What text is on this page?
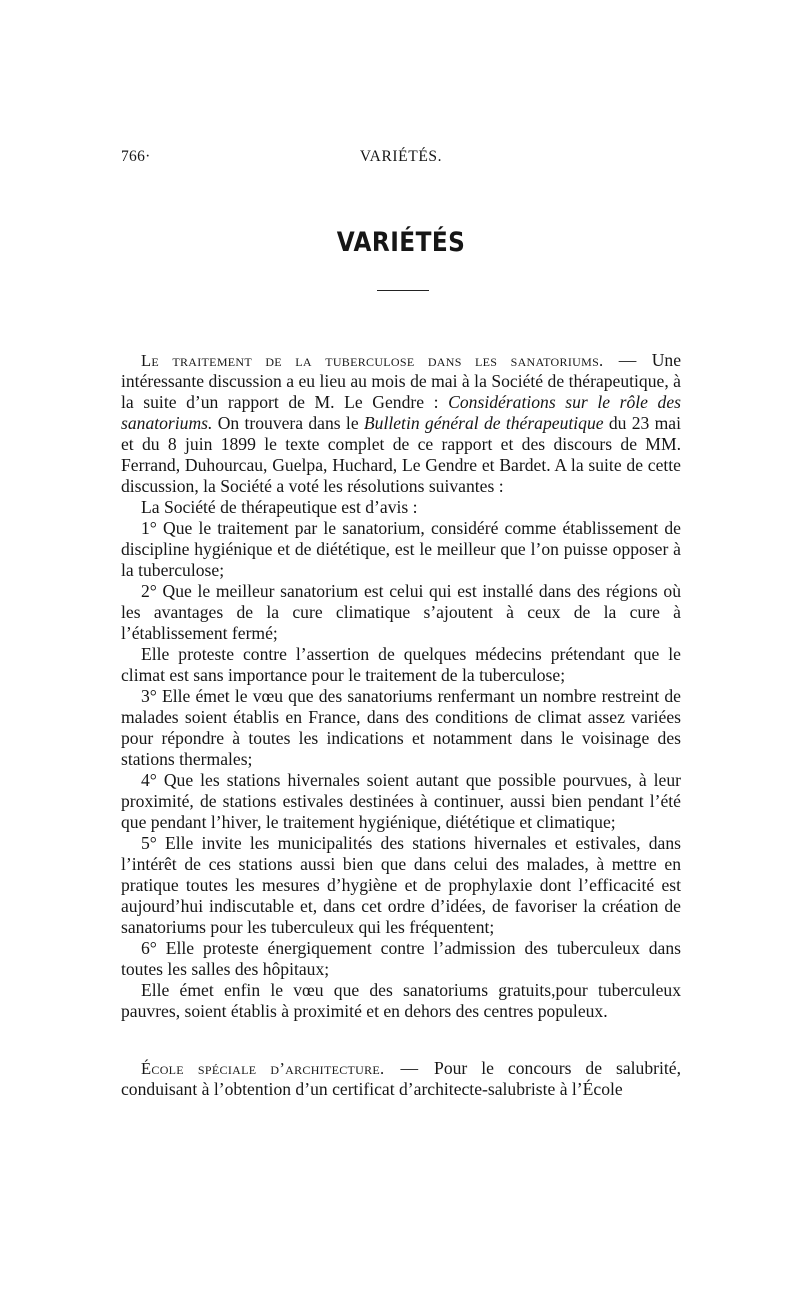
766·	VARIÉTÉS.
VARIÉTÉS

Le traitement de la tuberculose dans les sanatoriums. — Une intéressante discussion a eu lieu au mois de mai à la Société de thérapeutique, à la suite d’un rapport de M. Le Gendre : Considérations sur le rôle des sanatoriums. On trouvera dans le Bulletin général de thérapeutique du 23 mai et du 8 juin 1899 le texte complet de ce rapport et des discours de MM. Ferrand, Duhourcau, Guelpa, Huchard, Le Gendre et Bardet. A la suite de cette discussion, la Société a voté les résolutions suivantes :

La Société de thérapeutique est d’avis :

1° Que le traitement par le sanatorium, considéré comme établissement de discipline hygiénique et de diététique, est le meilleur que l’on puisse opposer à la tuberculose;

2° Que le meilleur sanatorium est celui qui est installé dans des régions où les avantages de la cure climatique s’ajoutent à ceux de la cure à l’établissement fermé;

Elle proteste contre l’assertion de quelques médecins prétendant que le climat est sans importance pour le traitement de la tuberculose;

3° Elle émet le vœu que des sanatoriums renfermant un nombre restreint de malades soient établis en France, dans des conditions de climat assez variées pour répondre à toutes les indications et notamment dans le voisinage des stations thermales;

4° Que les stations hivernales soient autant que possible pourvues, à leur proximité, de stations estivales destinées à continuer, aussi bien pendant l’été que pendant l’hiver, le traitement hygiénique, diététique et climatique;

5° Elle invite les municipalités des stations hivernales et estivales, dans l’intérêt de ces stations aussi bien que dans celui des malades, à mettre en pratique toutes les mesures d’hygiène et de prophylaxie dont l’efficacité est aujourd’hui indiscutable et, dans cet ordre d’idées, de favoriser la création de sanatoriums pour les tuberculeux qui les fréquentent;

6° Elle proteste énergiquement contre l’admission des tuberculeux dans toutes les salles des hôpitaux;

Elle émet enfin le vœu que des sanatoriums gratuits,pour tuberculeux pauvres, soient établis à proximité et en dehors des centres populeux.

École spéciale d’architecture. — Pour le concours de salubrité, conduisant à l’obtention d’un certificat d’architecte-salubriste à l’École
